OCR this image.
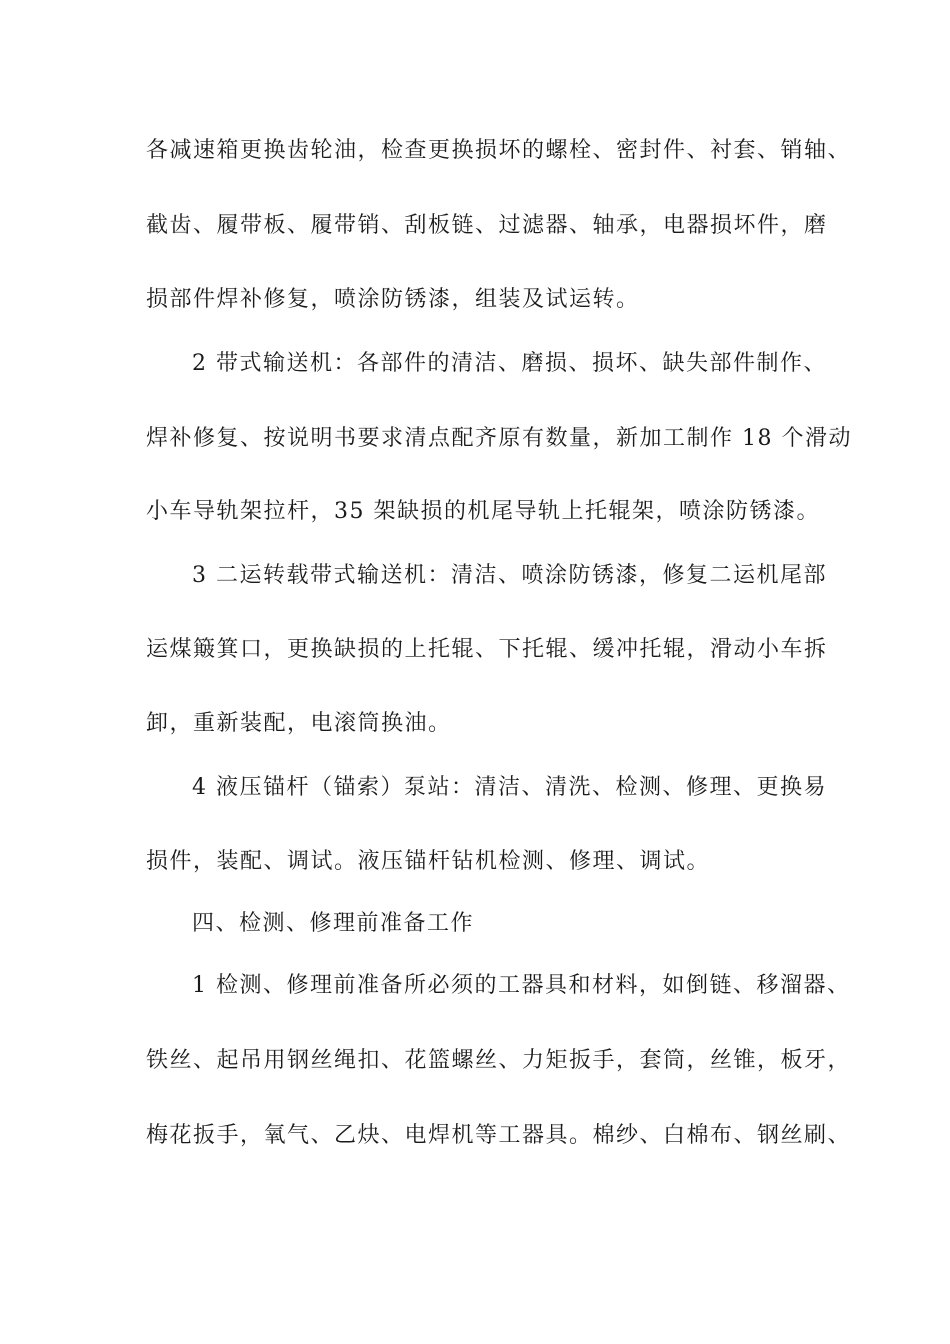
各减速箱更换齿轮油，检查更换损坏的螺栓、密封件、衬套、销轴、
截齿、履带板、履带销、刮板链、过滤器、轴承，电器损坏件，磨
损部件焊补修复，喷涂防锈漆，组装及试运转。
2 带式输送机：各部件的清洁、磨损、损坏、缺失部件制作、
焊补修复、按说明书要求清点配齐原有数量，新加工制作 18 个滑动
小车导轨架拉杆，35 架缺损的机尾导轨上托辊架，喷涂防锈漆。
3 二运转载带式输送机：清洁、喷涂防锈漆，修复二运机尾部
运煤簸箕口，更换缺损的上托辊、下托辊、缓冲托辊，滑动小车拆
卸，重新装配，电滚筒换油。
4 液压锚杆（锚索）泵站：清洁、清洗、检测、修理、更换易
损件，装配、调试。液压锚杆钻机检测、修理、调试。
四、检测、修理前准备工作
1 检测、修理前准备所必须的工器具和材料，如倒链、移溜器、
铁丝、起吊用钢丝绳扣、花篮螺丝、力矩扳手，套筒，丝锥，板牙，
梅花扳手，氧气、乙炔、电焊机等工器具。棉纱、白棉布、钢丝刷、
